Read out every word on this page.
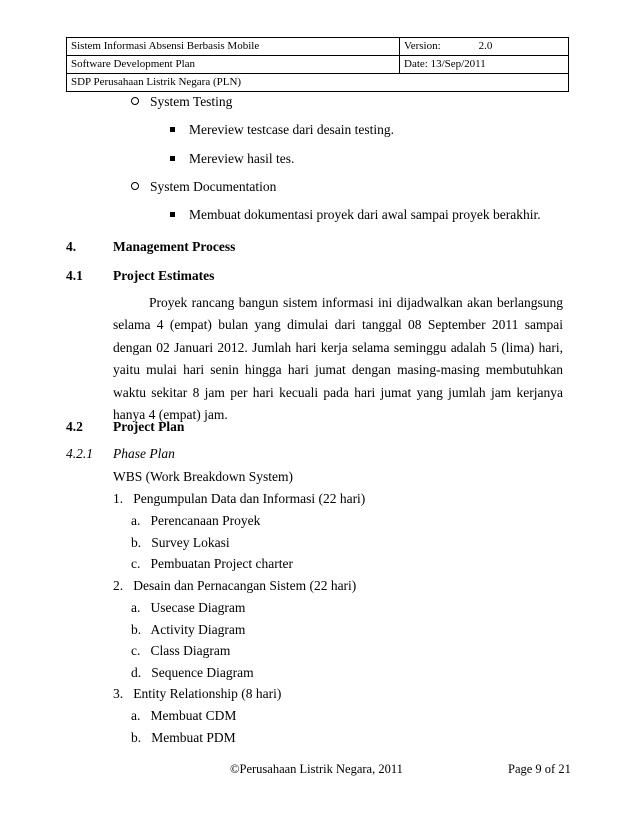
Sistem Informasi Absensi Berbasis Mobile	Version: 2.0
Software Development Plan	Date: 13/Sep/2011
SDP Perusahaan Listrik Negara (PLN)	
System Testing
Mereview testcase dari desain testing.
Mereview hasil tes.
System Documentation
Membuat dokumentasi proyek dari awal sampai proyek berakhir.
4.	Management Process
4.1 Project Estimates

Proyek rancang bangun sistem informasi ini dijadwalkan akan berlangsung selama 4 (empat) bulan yang dimulai dari tanggal 08 September 2011 sampai dengan 02 Januari 2012. Jumlah hari kerja selama seminggu adalah 5 (lima) hari, yaitu mulai hari senin hingga hari jumat dengan masing-masing membutuhkan waktu sekitar 8 jam per hari kecuali pada hari jumat yang jumlah jam kerjanya hanya 4 (empat) jam.

4.2 Project Plan
4.2.1 Phase Plan
WBS (Work Breakdown System)
1.   Pengumpulan Data dan Informasi (22 hari)
a.   Perencanaan Proyek
b.   Survey Lokasi
c.   Pembuatan Project charter
2.   Desain dan Pernacangan Sistem (22 hari)
a.   Usecase Diagram
b.   Activity Diagram
c.   Class Diagram
d.   Sequence Diagram
3.   Entity Relationship (8 hari)
a.   Membuat CDM
b.   Membuat PDM
©Perusahaan Listrik Negara, 2011	Page 9 of 21
